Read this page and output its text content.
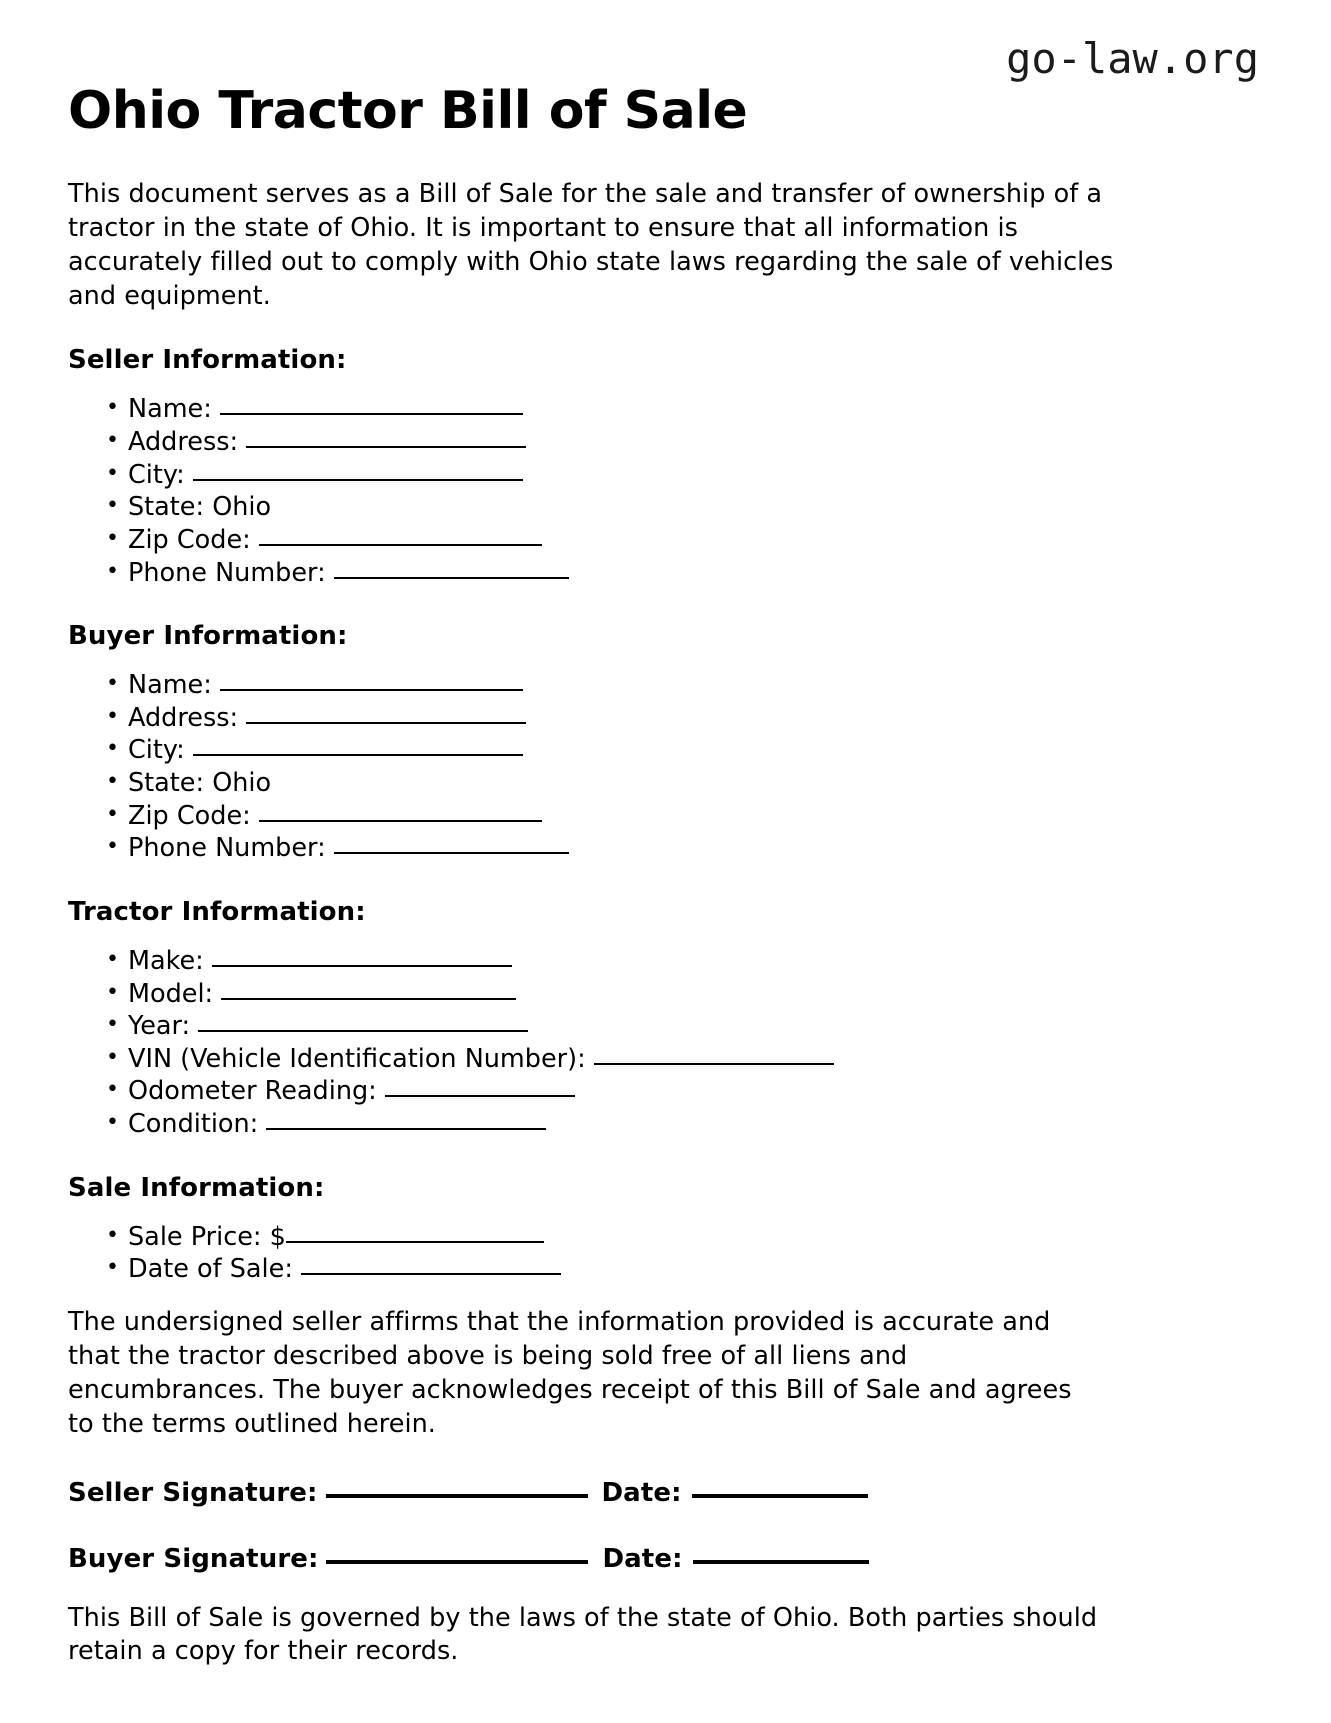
go-law.org
Ohio Tractor Bill of Sale

This document serves as a Bill of Sale for the sale and transfer of ownership of a tractor in the state of Ohio. It is important to ensure that all information is accurately filled out to comply with Ohio state laws regarding the sale of vehicles and equipment.

Seller Information:
• Name:
• Address:
• City:
• State: Ohio
• Zip Code:
• Phone Number:
Buyer Information:
• Name:
• Address:
• City:
• State: Ohio
• Zip Code:
• Phone Number:
Tractor Information:
• Make:
• Model:
• Year:
• VIN (Vehicle Identification Number):
• Odometer Reading:
• Condition:
Sale Information:
• Sale Price: $
• Date of Sale:

The undersigned seller affirms that the information provided is accurate and that the tractor described above is being sold free of all liens and encumbrances. The buyer acknowledges receipt of this Bill of Sale and agrees to the terms outlined herein.

Seller Signature:	Date:
Buyer Signature:	Date:

This Bill of Sale is governed by the laws of the state of Ohio. Both parties should retain a copy for their records.
